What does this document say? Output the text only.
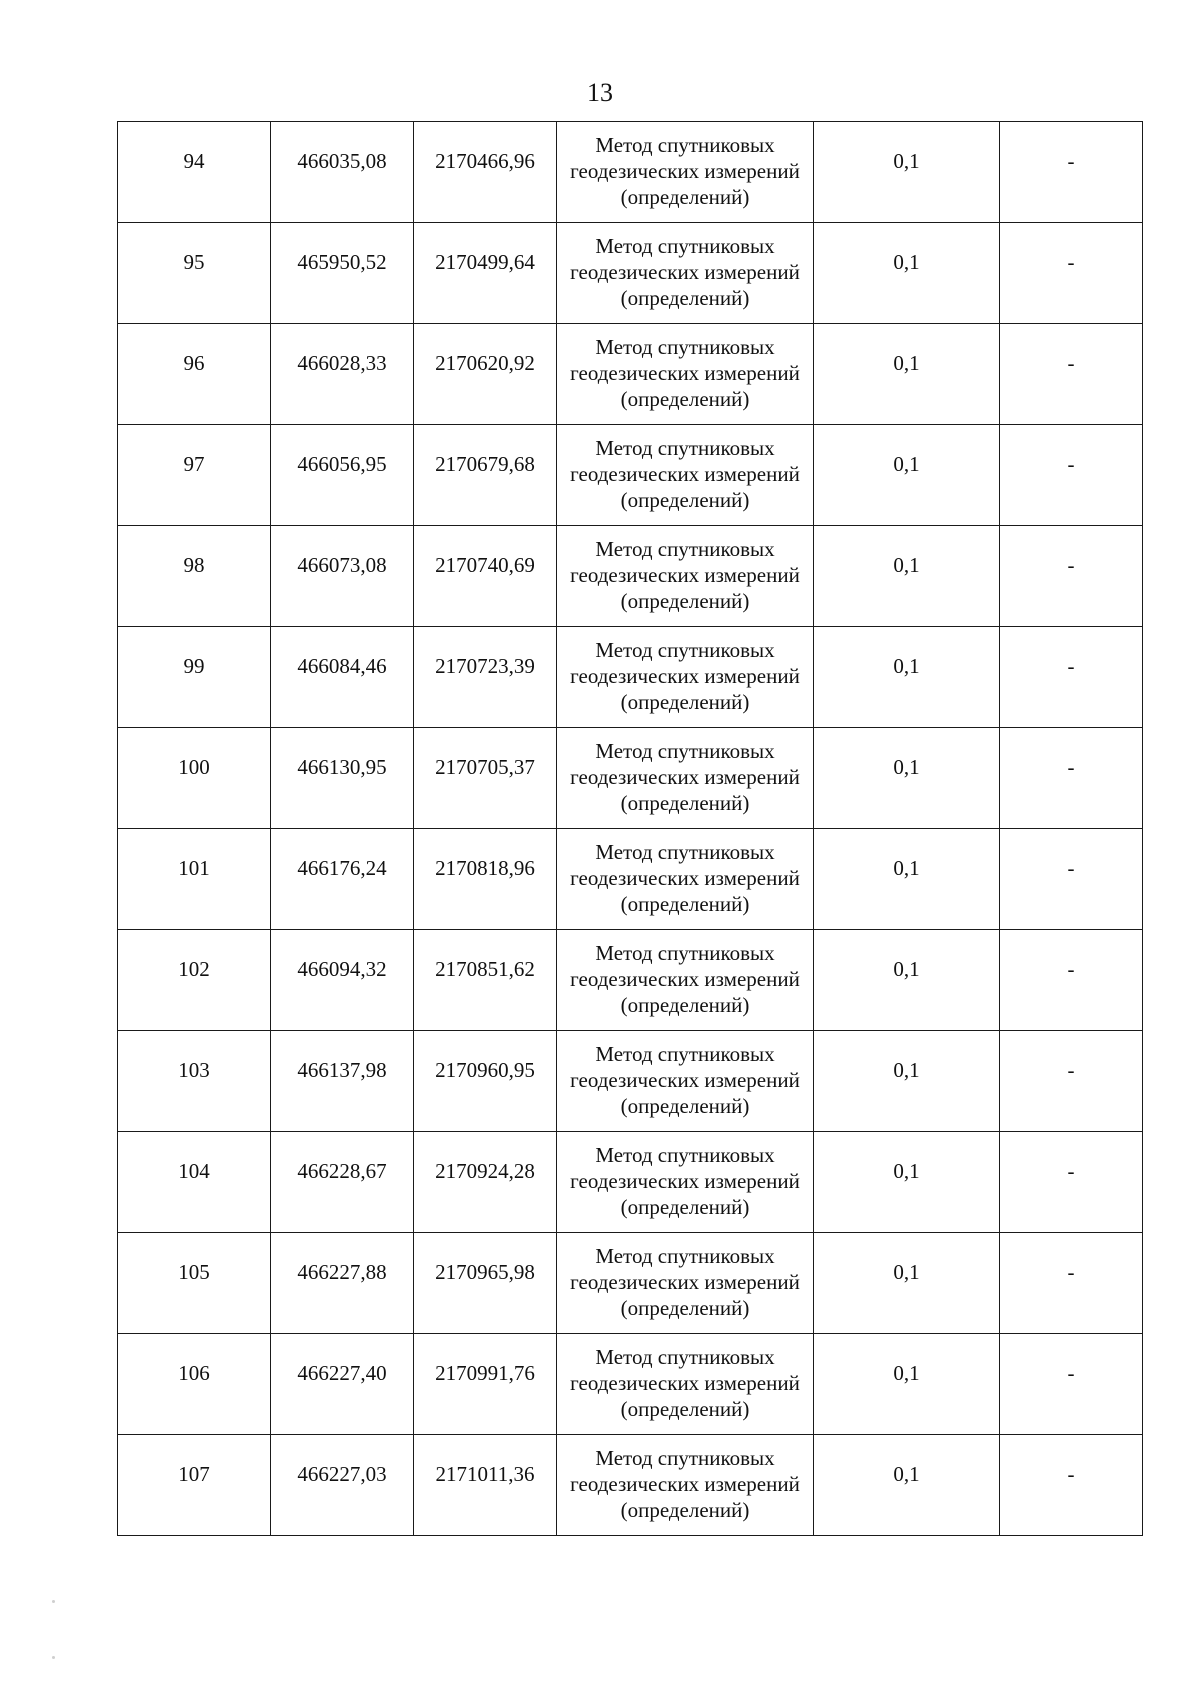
13
94	466035,08	2170466,96	Метод спутниковых
геодезических измерений
(определений)	0,1	-

95	465950,52	2170499,64	Метод спутниковых
геодезических измерений
(определений)	0,1	-

96	466028,33	2170620,92	Метод спутниковых
геодезических измерений
(определений)	0,1	-

97	466056,95	2170679,68	Метод спутниковых
геодезических измерений
(определений)	0,1	-

98	466073,08	2170740,69	Метод спутниковых
геодезических измерений
(определений)	0,1	-

99	466084,46	2170723,39	Метод спутниковых
геодезических измерений
(определений)	0,1	-

100	466130,95	2170705,37	Метод спутниковых
геодезических измерений
(определений)	0,1	-

101	466176,24	2170818,96	Метод спутниковых
геодезических измерений
(определений)	0,1	-

102	466094,32	2170851,62	Метод спутниковых
геодезических измерений
(определений)	0,1	-

103	466137,98	2170960,95	Метод спутниковых
геодезических измерений
(определений)	0,1	-

104	466228,67	2170924,28	Метод спутниковых
геодезических измерений
(определений)	0,1	-

105	466227,88	2170965,98	Метод спутниковых
геодезических измерений
(определений)	0,1	-

106	466227,40	2170991,76	Метод спутниковых
геодезических измерений
(определений)	0,1	-

107	466227,03	2171011,36	Метод спутниковых
геодезических измерений
(определений)	0,1	-
